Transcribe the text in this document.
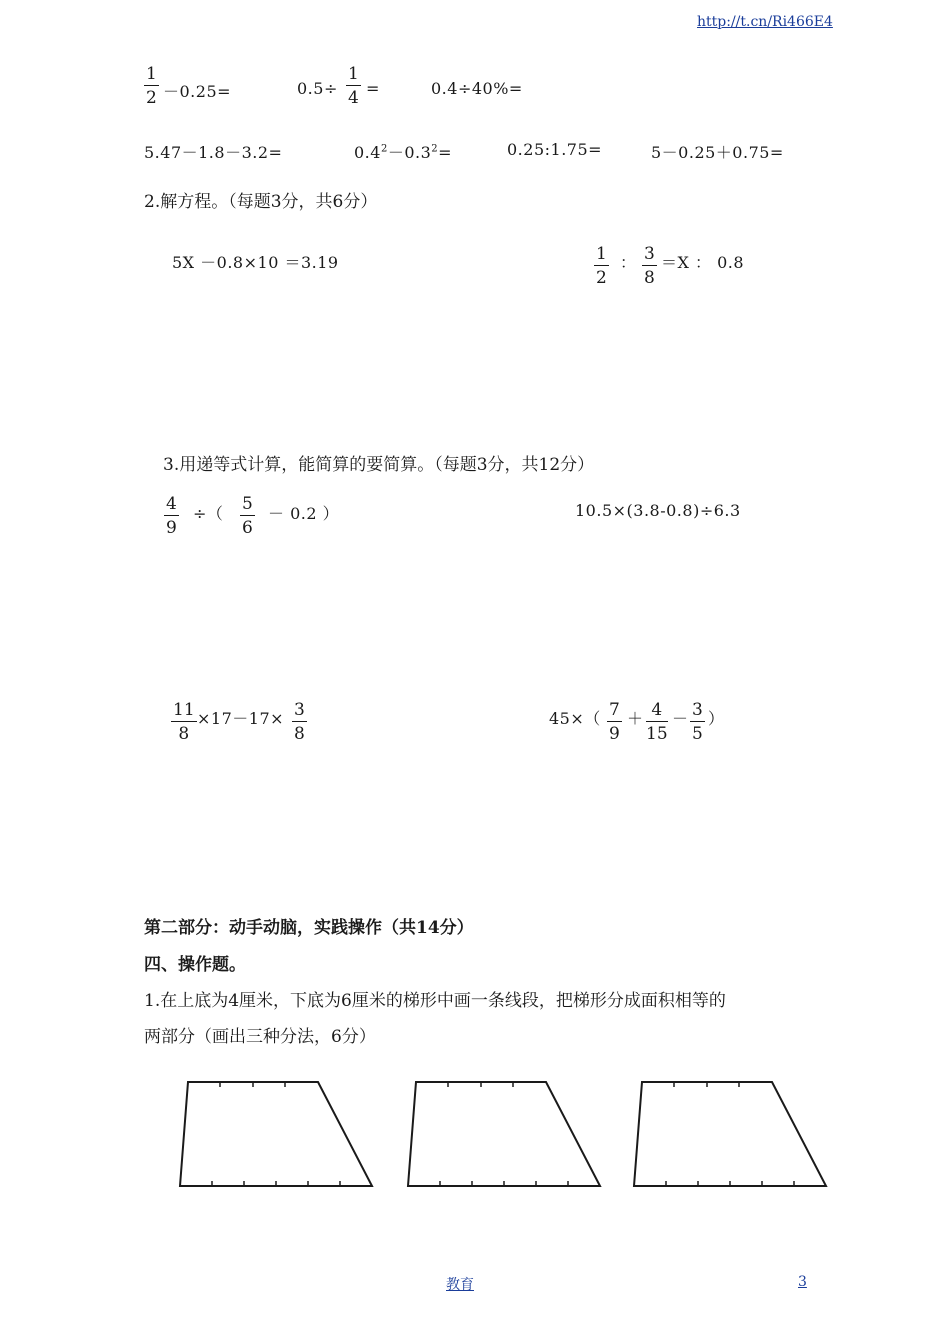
http://t.cn/Ri466E4
1
2 －0.25=	0.5÷
1
4 =	0.4÷40%=
5.47－1.8－3.2=	$0.4^2-0.3^2=$	0.25:1.75=	5－0.25＋0.75=
2.解方程。（每题3分，共6分）
5X －0.8×10 ＝3.19	1
2
： 3
8
＝X ： 0.8
3.用递等式计算，能简算的要简算。（每题3分，共12分）
4
9
÷（ 5
6
－ 0.2 ）	10.5×(3.8-0.8)÷6.3
11
8
×17－17× 3
8
45×（ 7
9
＋ 4
15
－ 3
5
）
第二部分：动手动脑，实践操作（共14分）
四、操作题。
1.在上底为4厘米，下底为6厘米的梯形中画一条线段，把梯形分成面积相等的
两部分（画出三种分法，6分）
教育	3
